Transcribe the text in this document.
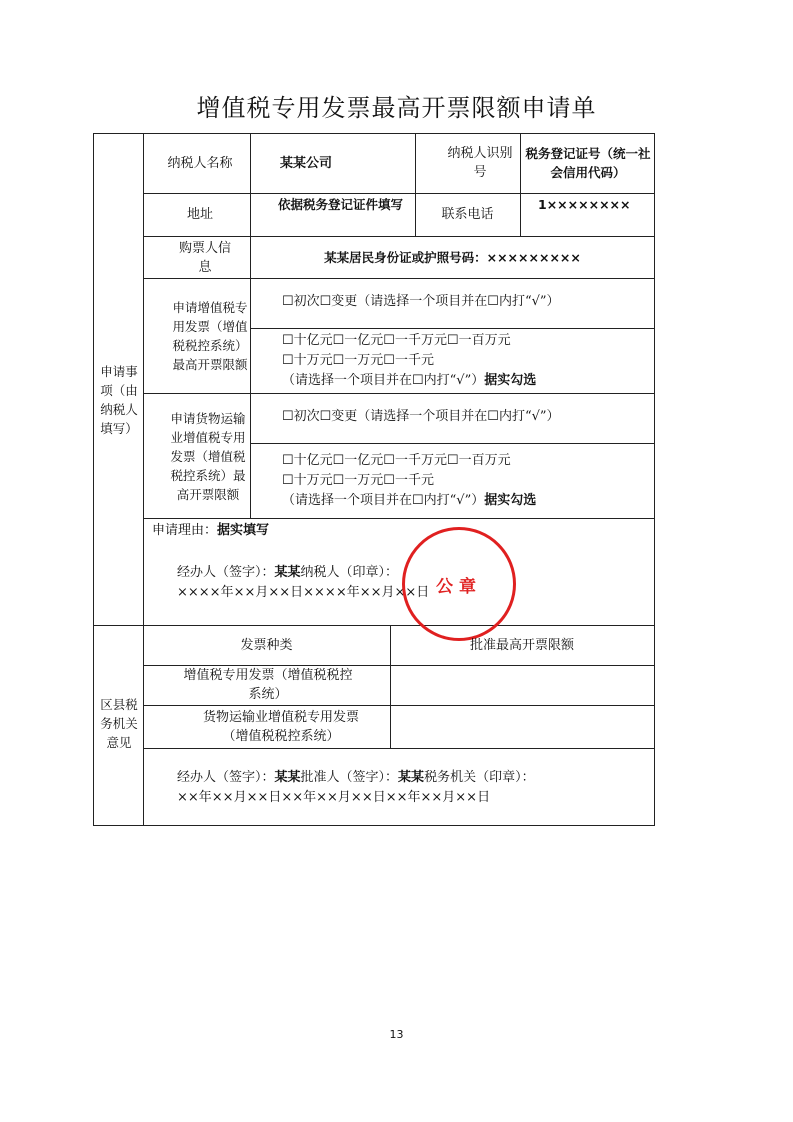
增值税专用发票最高开票限额申请单
申请事项（由纳税人填写）
纳税人名称	某某公司
纳税人识别号
税务登记证号（统一社会信用代码）
地址
依据税务登记证件填写
联系电话
1××××××××
购票人信息
某某居民身份证或护照号码：×××××××××
申请增值税专用发票（增值税税控系统）最高开票限额
☐初次☐变更（请选择一个项目并在☐内打“√”）
☐十亿元☐一亿元☐一千万元☐一百万元
☐十万元☐一万元☐一千元
（请选择一个项目并在☐内打“√”）据实勾选
申请货物运输业增值税专用发票（增值税税控系统）最高开票限额
☐初次☐变更（请选择一个项目并在☐内打“√”）
☐十亿元☐一亿元☐一千万元☐一百万元
☐十万元☐一万元☐一千元
（请选择一个项目并在☐内打“√”）据实勾选
申请理由：据实填写
经办人（签字）：某某纳税人（印章）：
××××年××月××日××××年××月××日 公章
区县税务机关意见
发票种类	批准最高开票限额
增值税专用发票（增值税税控系统）
货物运输业增值税专用发票（增值税税控系统）
经办人（签字）：某某批准人（签字）：某某税务机关（印章）：
××年××月××日××年××月××日××年××月××日
13
